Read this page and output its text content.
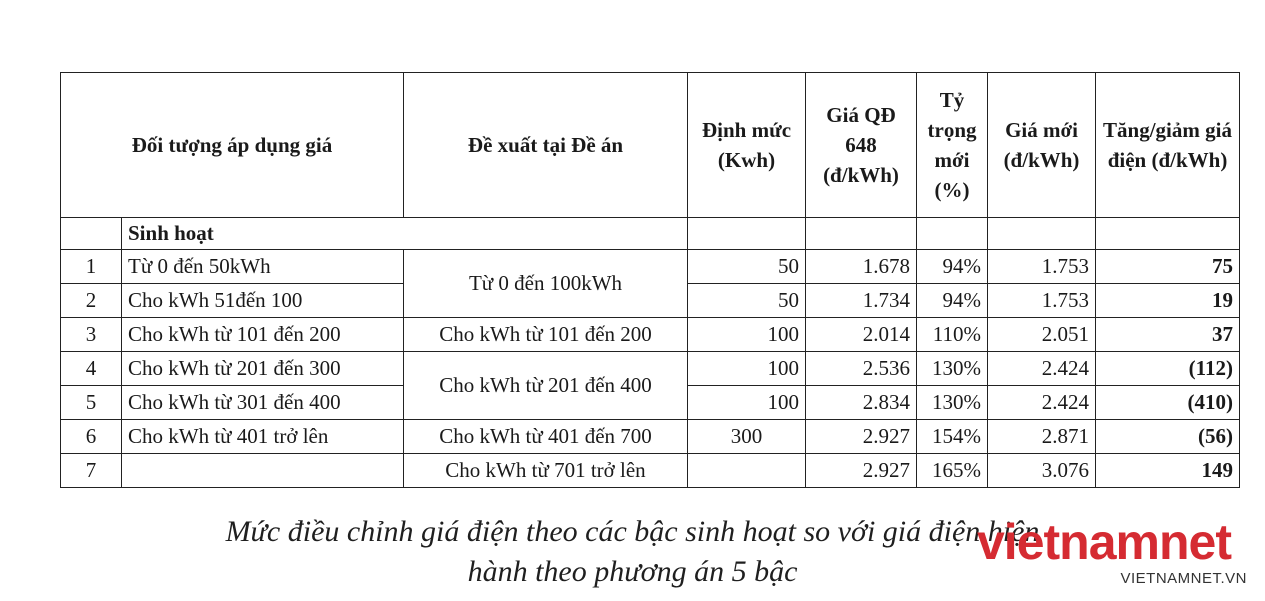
Đối tượng áp dụng giá		Đề xuất tại Đề án	Định mức (Kwh)	Giá QĐ 648 (đ/kWh)	Tỷ trọng mới (%)	Giá mới (đ/kWh)	Tăng/giảm giá điện (đ/kWh)

	Sinh hoạt						
1	Từ 0 đến 50kWh	Từ 0 đến 100kWh	50	1.678	94%	1.753	75
2	Cho kWh 51đến 100		50	1.734	94%	1.753	19
3	Cho kWh từ 101 đến 200	Cho kWh từ 101 đến 200	100	2.014	110%	2.051	37
4	Cho kWh từ 201 đến 300	Cho kWh từ 201 đến 400	100	2.536	130%	2.424	(112)
5	Cho kWh từ 301 đến 400		100	2.834	130%	2.424	(410)
6	Cho kWh từ 401 trở lên	Cho kWh từ 401 đến 700	300	2.927	154%	2.871	(56)
7		Cho kWh từ 701 trở lên		2.927	165%	3.076	149
Mức điều chỉnh giá điện theo các bậc sinh hoạt so với giá điện hiện
hành theo phương án 5 bậc
vietnamnet
VIETNAMNET.VN
